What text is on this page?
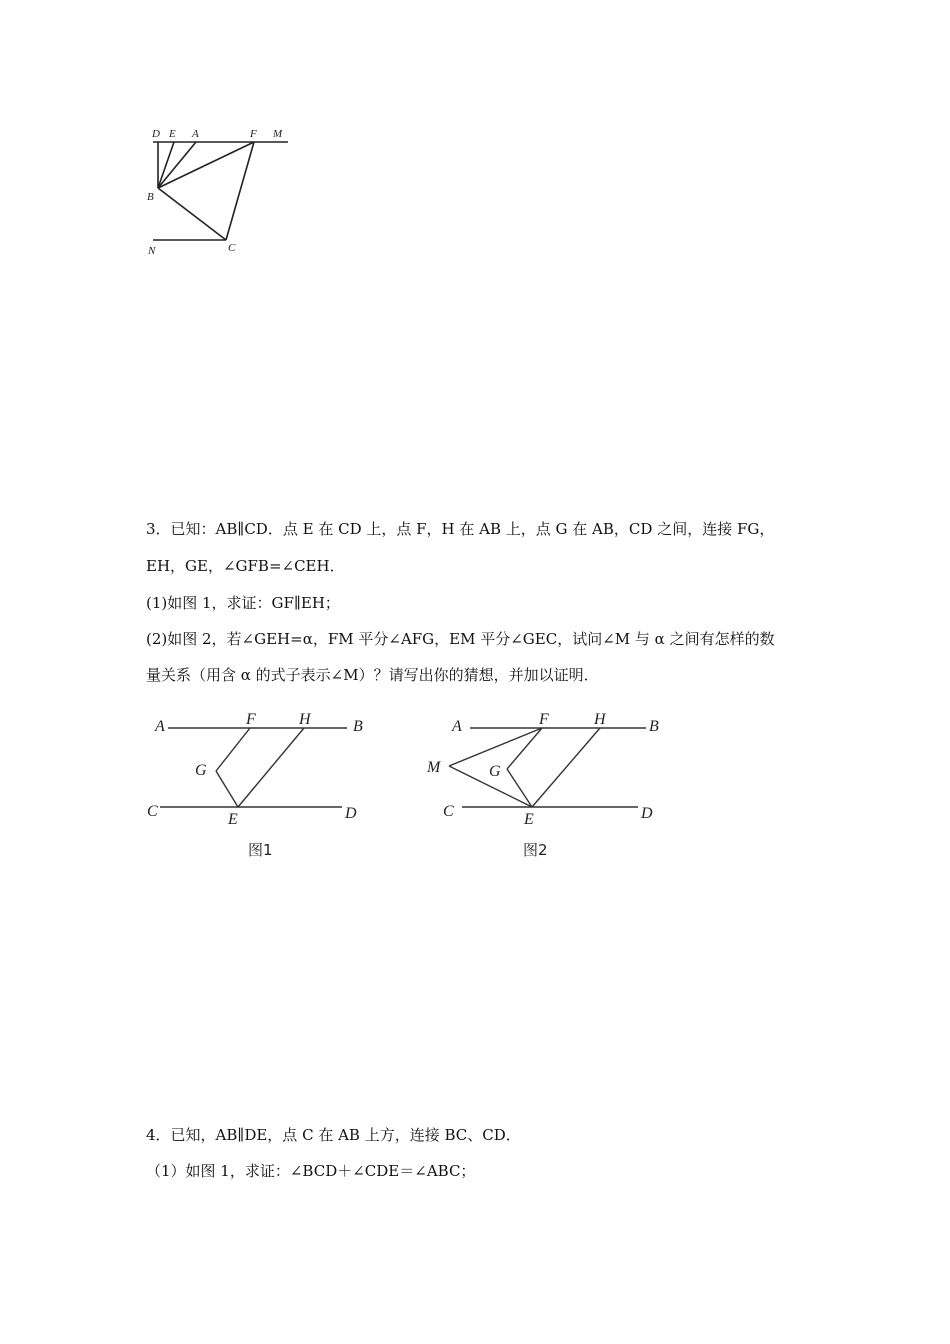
D E A	F M
B
N	C
3．已知：AB∥CD．点 E 在 CD 上，点 F，H 在 AB 上，点 G 在 AB，CD 之间，连接 FG，
EH，GE，∠GFB=∠CEH．
(1)如图 1，求证：GF∥EH；
(2)如图 2，若∠GEH=α，FM 平分∠AFG，EM 平分∠GEC，试问∠M 与 α 之间有怎样的数
量关系（用含 α 的式子表示∠M）？请写出你的猜想，并加以证明．
A	F	H	B
G
C	E	D
图1
A	F	H	B
M	G
C	E	D
图2
4．已知，AB∥DE，点 C 在 AB 上方，连接 BC、CD．
（1）如图 1，求证：∠BCD＋∠CDE＝∠ABC；
